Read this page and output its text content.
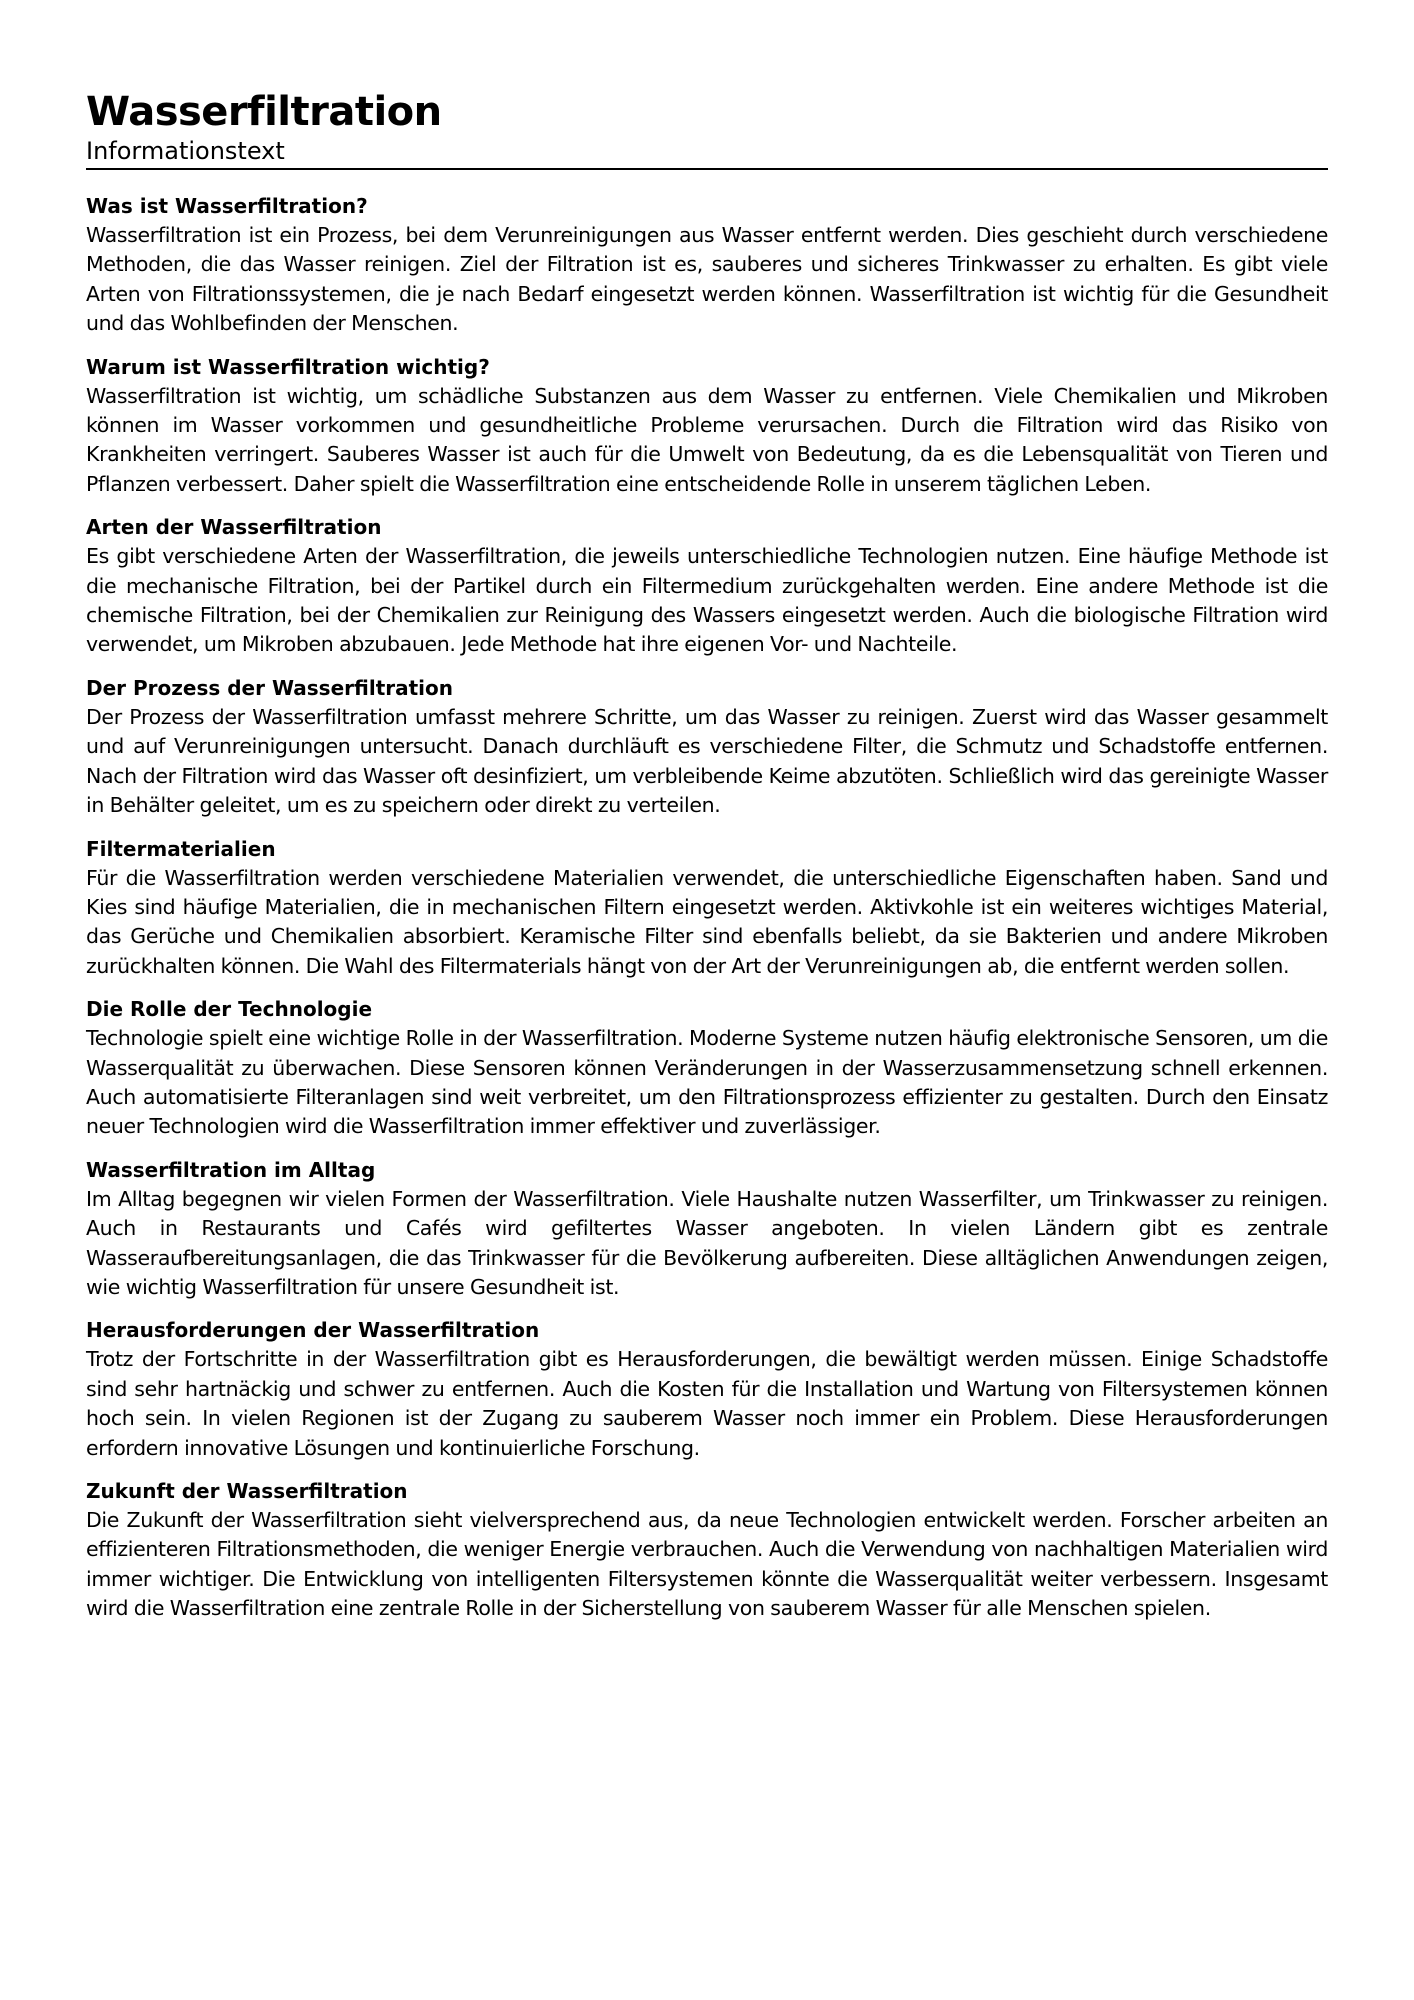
Wasserfiltration

Informationstext

Was ist Wasserfiltration?

Wasserfiltration ist ein Prozess, bei dem Verunreinigungen aus Wasser entfernt werden. Dies geschieht durch verschiedene Methoden, die das Wasser reinigen. Ziel der Filtration ist es, sauberes und sicheres Trinkwasser zu erhalten. Es gibt viele Arten von Filtrationssystemen, die je nach Bedarf eingesetzt werden können. Wasserfiltration ist wichtig für die Gesundheit und das Wohlbefinden der Menschen.

Warum ist Wasserfiltration wichtig?

Wasserfiltration ist wichtig, um schädliche Substanzen aus dem Wasser zu entfernen. Viele Chemikalien und Mikroben können im Wasser vorkommen und gesundheitliche Probleme verursachen. Durch die Filtration wird das Risiko von Krankheiten verringert. Sauberes Wasser ist auch für die Umwelt von Bedeutung, da es die Lebensqualität von Tieren und Pflanzen verbessert. Daher spielt die Wasserfiltration eine entscheidende Rolle in unserem täglichen Leben.

Arten der Wasserfiltration

Es gibt verschiedene Arten der Wasserfiltration, die jeweils unterschiedliche Technologien nutzen. Eine häufige Methode ist die mechanische Filtration, bei der Partikel durch ein Filtermedium zurückgehalten werden. Eine andere Methode ist die chemische Filtration, bei der Chemikalien zur Reinigung des Wassers eingesetzt werden. Auch die biologische Filtration wird verwendet, um Mikroben abzubauen. Jede Methode hat ihre eigenen Vor- und Nachteile.

Der Prozess der Wasserfiltration

Der Prozess der Wasserfiltration umfasst mehrere Schritte, um das Wasser zu reinigen. Zuerst wird das Wasser gesammelt und auf Verunreinigungen untersucht. Danach durchläuft es verschiedene Filter, die Schmutz und Schadstoffe entfernen. Nach der Filtration wird das Wasser oft desinfiziert, um verbleibende Keime abzutöten. Schließlich wird das gereinigte Wasser in Behälter geleitet, um es zu speichern oder direkt zu verteilen.

Filtermaterialien

Für die Wasserfiltration werden verschiedene Materialien verwendet, die unterschiedliche Eigenschaften haben. Sand und Kies sind häufige Materialien, die in mechanischen Filtern eingesetzt werden. Aktivkohle ist ein weiteres wichtiges Material, das Gerüche und Chemikalien absorbiert. Keramische Filter sind ebenfalls beliebt, da sie Bakterien und andere Mikroben zurückhalten können. Die Wahl des Filtermaterials hängt von der Art der Verunreinigungen ab, die entfernt werden sollen.

Die Rolle der Technologie

Technologie spielt eine wichtige Rolle in der Wasserfiltration. Moderne Systeme nutzen häufig elektronische Sensoren, um die Wasserqualität zu überwachen. Diese Sensoren können Veränderungen in der Wasserzusammensetzung schnell erkennen. Auch automatisierte Filteranlagen sind weit verbreitet, um den Filtrationsprozess effizienter zu gestalten. Durch den Einsatz neuer Technologien wird die Wasserfiltration immer effektiver und zuverlässiger.

Wasserfiltration im Alltag

Im Alltag begegnen wir vielen Formen der Wasserfiltration. Viele Haushalte nutzen Wasserfilter, um Trinkwasser zu reinigen. Auch in Restaurants und Cafés wird gefiltertes Wasser angeboten. In vielen Ländern gibt es zentrale Wasseraufbereitungsanlagen, die das Trinkwasser für die Bevölkerung aufbereiten. Diese alltäglichen Anwendungen zeigen, wie wichtig Wasserfiltration für unsere Gesundheit ist.

Herausforderungen der Wasserfiltration

Trotz der Fortschritte in der Wasserfiltration gibt es Herausforderungen, die bewältigt werden müssen. Einige Schadstoffe sind sehr hartnäckig und schwer zu entfernen. Auch die Kosten für die Installation und Wartung von Filtersystemen können hoch sein. In vielen Regionen ist der Zugang zu sauberem Wasser noch immer ein Problem. Diese Herausforderungen erfordern innovative Lösungen und kontinuierliche Forschung.

Zukunft der Wasserfiltration

Die Zukunft der Wasserfiltration sieht vielversprechend aus, da neue Technologien entwickelt werden. Forscher arbeiten an effizienteren Filtrationsmethoden, die weniger Energie verbrauchen. Auch die Verwendung von nachhaltigen Materialien wird immer wichtiger. Die Entwicklung von intelligenten Filtersystemen könnte die Wasserqualität weiter verbessern. Insgesamt wird die Wasserfiltration eine zentrale Rolle in der Sicherstellung von sauberem Wasser für alle Menschen spielen.
